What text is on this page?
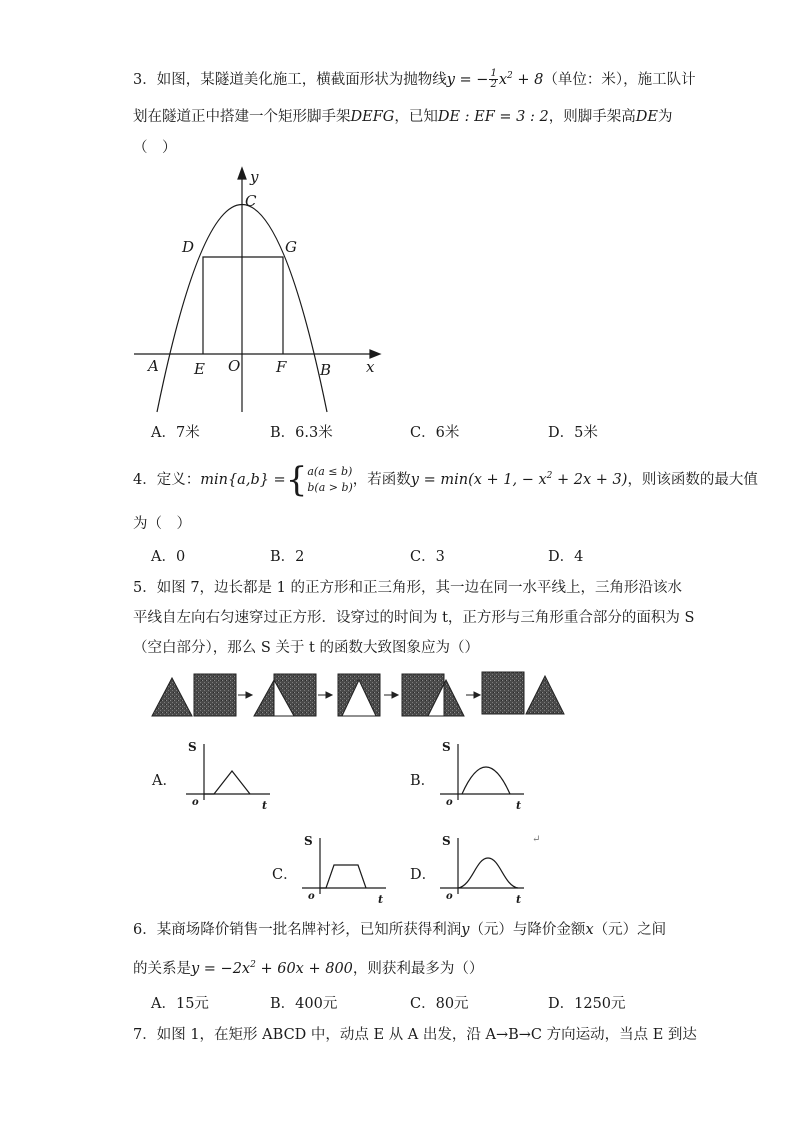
3．如图，某隧道美化施工，横截面形状为抛物线y = − $\frac{1}{2} x^2 + 8$（单位：米），施工队计
划在隧道正中搭建一个矩形脚手架DEFG，已知DE : EF = 3 : 2，则脚手架高DE为
（　）
y
C
D	G
A E O F B x
A．7米	B．6.3米	C．6米	D．5米
4．定义：min{a,b} ={ a(a ≤ b)
b(a > b) ，若函数y = min(x + 1, − $x^2 + 2x + 3$)，则该函数的最大值
为（　）
A．0	B．2	C．3	D．4
5．如图 7，边长都是 1 的正方形和正三角形，其一边在同一水平线上，三角形沿该水
平线自左向右匀速穿过正方形．设穿过的时间为 t，正方形与三角形重合部分的面积为 S
（空白部分），那么 S 关于 t 的函数大致图象应为（）
A．
S
o	t
B．
S
o	t
C．
S
o	t
D．
S
o	t
↵
6．某商场降价销售一批名牌衬衫，已知所获得利润y（元）与降价金额x（元）之间
的关系是$y = -2x^2 + 60x + 800$，则获利最多为（）
A．15元	B．400元	C．80元	D．1250元
7．如图 1，在矩形 ABCD 中，动点 E 从 A 出发，沿 A→B→C 方向运动，当点 E 到达
